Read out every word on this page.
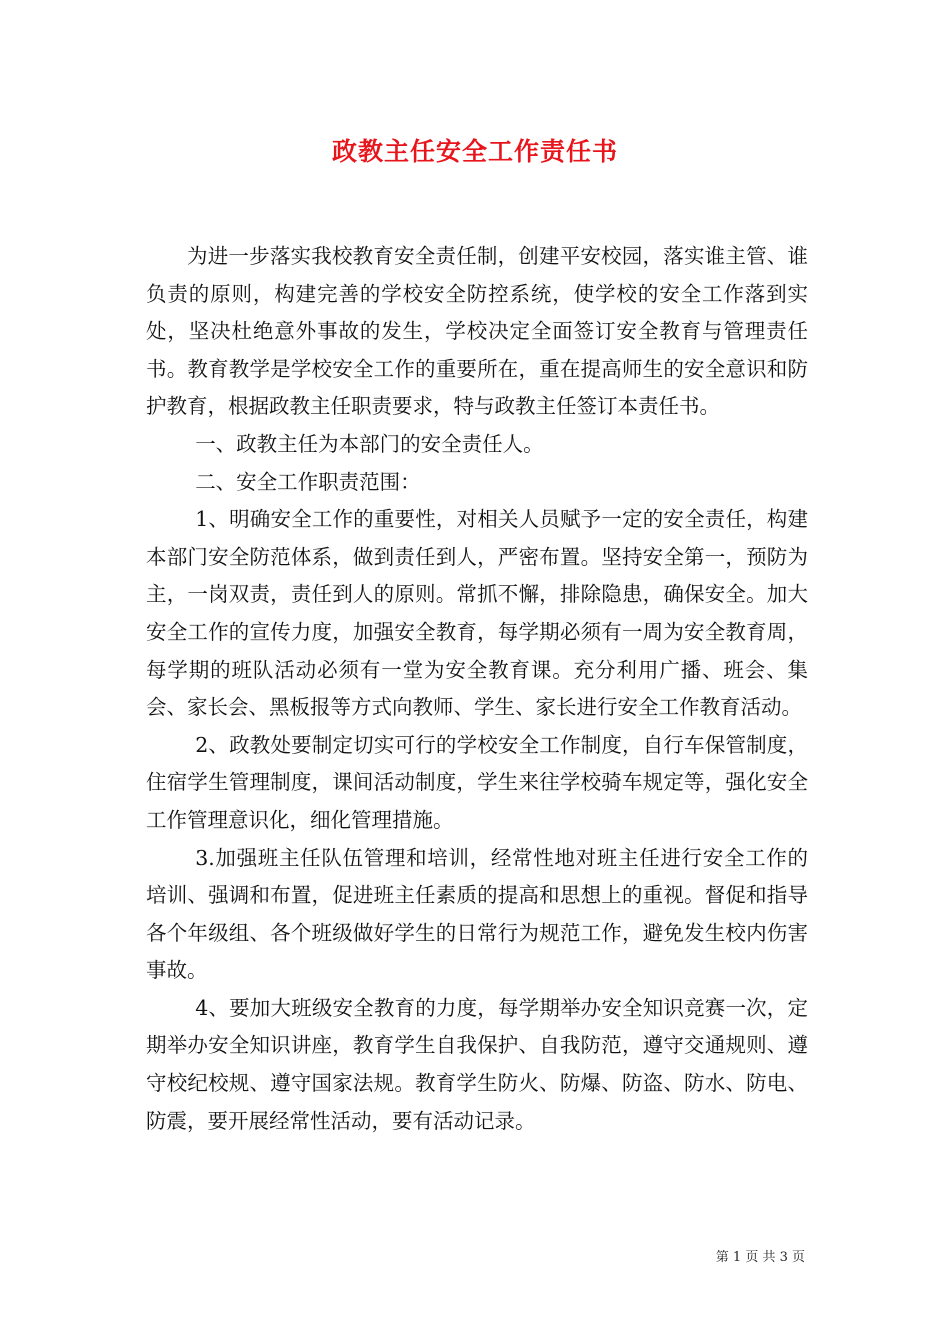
政教主任安全工作责任书

为进一步落实我校教育安全责任制，创建平安校园，落实谁主管、谁负责的原则，构建完善的学校安全防控系统，使学校的安全工作落到实处，坚决杜绝意外事故的发生，学校决定全面签订安全教育与管理责任书。教育教学是学校安全工作的重要所在，重在提高师生的安全意识和防护教育，根据政教主任职责要求，特与政教主任签订本责任书。

一、政教主任为本部门的安全责任人。

二、安全工作职责范围：

1、明确安全工作的重要性，对相关人员赋予一定的安全责任，构建本部门安全防范体系，做到责任到人，严密布置。坚持安全第一，预防为主，一岗双责，责任到人的原则。常抓不懈，排除隐患，确保安全。加大安全工作的宣传力度，加强安全教育，每学期必须有一周为安全教育周，每学期的班队活动必须有一堂为安全教育课。充分利用广播、班会、集会、家长会、黑板报等方式向教师、学生、家长进行安全工作教育活动。

2、政教处要制定切实可行的学校安全工作制度，自行车保管制度，住宿学生管理制度，课间活动制度，学生来往学校骑车规定等，强化安全工作管理意识化，细化管理措施。

3.加强班主任队伍管理和培训，经常性地对班主任进行安全工作的培训、强调和布置，促进班主任素质的提高和思想上的重视。督促和指导各个年级组、各个班级做好学生的日常行为规范工作，避免发生校内伤害事故。

4、要加大班级安全教育的力度，每学期举办安全知识竞赛一次，定期举办安全知识讲座，教育学生自我保护、自我防范，遵守交通规则、遵守校纪校规、遵守国家法规。教育学生防火、防爆、防盗、防水、防电、防震，要开展经常性活动，要有活动记录。

第 1 页 共 3 页
